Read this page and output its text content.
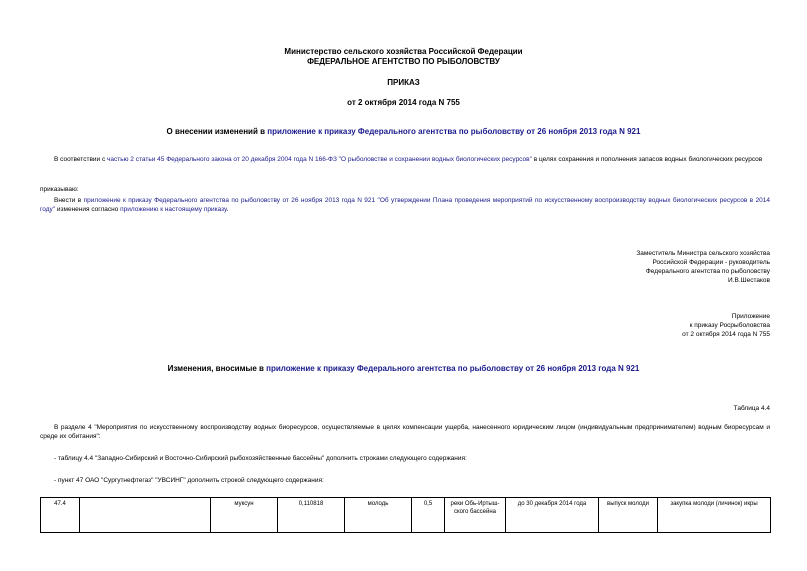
Министерство сельского хозяйства Российской Федерации
ФЕДЕРАЛЬНОЕ АГЕНТСТВО ПО РЫБОЛОВСТВУ
ПРИКАЗ
от 2 октября 2014 года N 755
О внесении изменений в приложение к приказу Федерального агентства по рыболовству от 26 ноября 2013 года N 921
В соответствии с частью 2 статьи 45 Федерального закона от 20 декабря 2004 года N 166-ФЗ "О рыболовстве и сохранении водных биологических ресурсов" в целях сохранения и пополнения запасов водных биологических ресурсов
приказываю:
Внести в приложение к приказу Федерального агентства по рыболовству от 26 ноября 2013 года N 921 "Об утверждении Плана проведения мероприятий по искусственному воспроизводству водных биологических ресурсов в 2014 году" изменения согласно приложению к настоящему приказу.
Заместитель Министра сельского хозяйства
Российской Федерации - руководитель
Федерального агентства по рыболовству
И.В.Шестаков
Приложение
к приказу Росрыболовства
от 2 октября 2014 года N 755
Изменения, вносимые в приложение к приказу Федерального агентства по рыболовству от 26 ноября 2013 года N 921
Таблица 4.4
В разделе 4 "Мероприятия по искусственному воспроизводству водных биоресурсов, осуществляемые в целях компенсации ущерба, нанесенного юридическим лицом (индивидуальным предпринимателем) водным биоресурсам и среде их обитания":
- таблицу 4.4 "Западно-Сибирский и Восточно-Сибирский рыбохозяйственные бассейны" дополнить строками следующего содержания:
- пункт 47 ОАО "Сургутнефтегаз" "УВСИНГ" дополнить строкой следующего содержания:
47.4		муксун	0,110818	молодь	0,5	реки Обь-Иртыш-ского бассейна	до 30 декабря 2014 года	выпуск молоди	закупка молоди (личинок) икры
